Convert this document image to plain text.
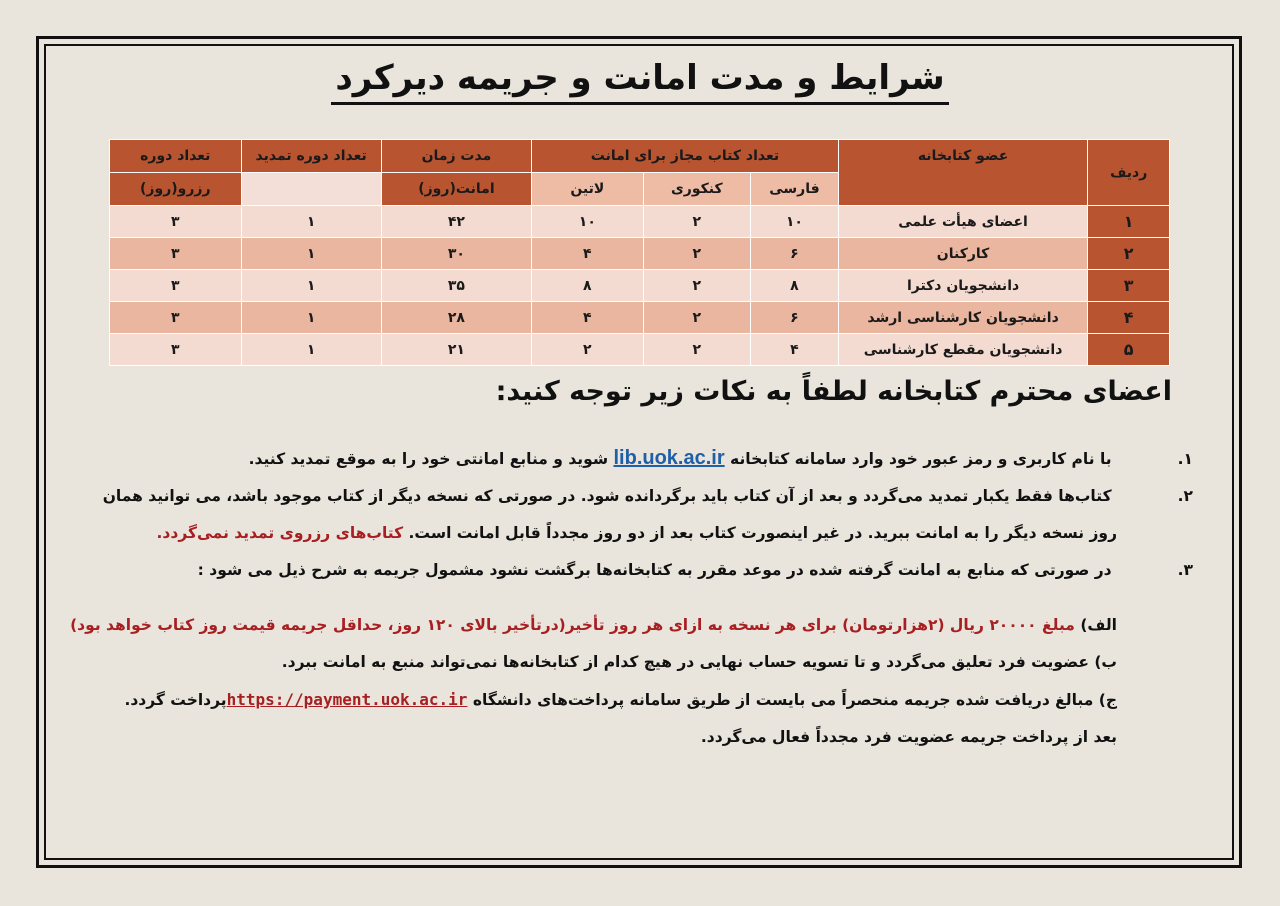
شرایط و مدت امانت و جریمه دیرکرد
ردیف	عضو کتابخانه	تعداد کتاب مجاز برای امانت			مدت زمان	تعداد دوره تمدید	تعداد دوره
		فارسی	کنکوری	لاتین	امانت(روز)		رزرو(روز)
۱	اعضای هیأت علمی	۱۰	۲	۱۰	۴۲	۱	۳
۲	کارکنان	۶	۲	۴	۳۰	۱	۳
۳	دانشجویان دکترا	۸	۲	۸	۳۵	۱	۳
۴	دانشجویان کارشناسی ارشد	۶	۲	۴	۲۸	۱	۳
۵	دانشجویان مقطع کارشناسی	۴	۲	۲	۲۱	۱	۳
اعضای محترم کتابخانه لطفاً به نکات زیر توجه کنید:
۱. با نام کاربری و رمز عبور خود وارد سامانه کتابخانه lib.uok.ac.ir شوید و منابع امانتی خود را به موقع تمدید کنید.
۲. کتاب‌ها فقط یکبار تمدید می‌گردد و بعد از آن کتاب باید برگردانده شود. در صورتی که نسخه دیگر از کتاب موجود باشد، می توانید همان
روز نسخه دیگر را به امانت ببرید. در غیر اینصورت کتاب بعد از دو روز مجدداً قابل امانت است. کتاب‌های رزروی تمدید نمی‌گردد.
۳. در صورتی که منابع به امانت گرفته شده در موعد مقرر به کتابخانه‌ها برگشت نشود مشمول جریمه به شرح ذیل می شود :
الف) مبلغ ۲۰۰۰۰ ریال (۲هزارتومان) برای هر نسخه به ازای هر روز تأخیر(درتأخیر بالای ۱۲۰ روز، حداقل جریمه قیمت روز کتاب خواهد بود)
ب) عضویت فرد تعلیق می‌گردد و تا تسویه حساب نهایی در هیچ کدام از کتابخانه‌ها نمی‌تواند منبع به امانت ببرد.
ج) مبالغ دریافت شده جریمه منحصراً می بایست از طریق سامانه پرداخت‌های دانشگاه https://payment.uok.ac.irپرداخت گردد.
بعد از پرداخت جریمه عضویت فرد مجدداً فعال می‌گردد.
